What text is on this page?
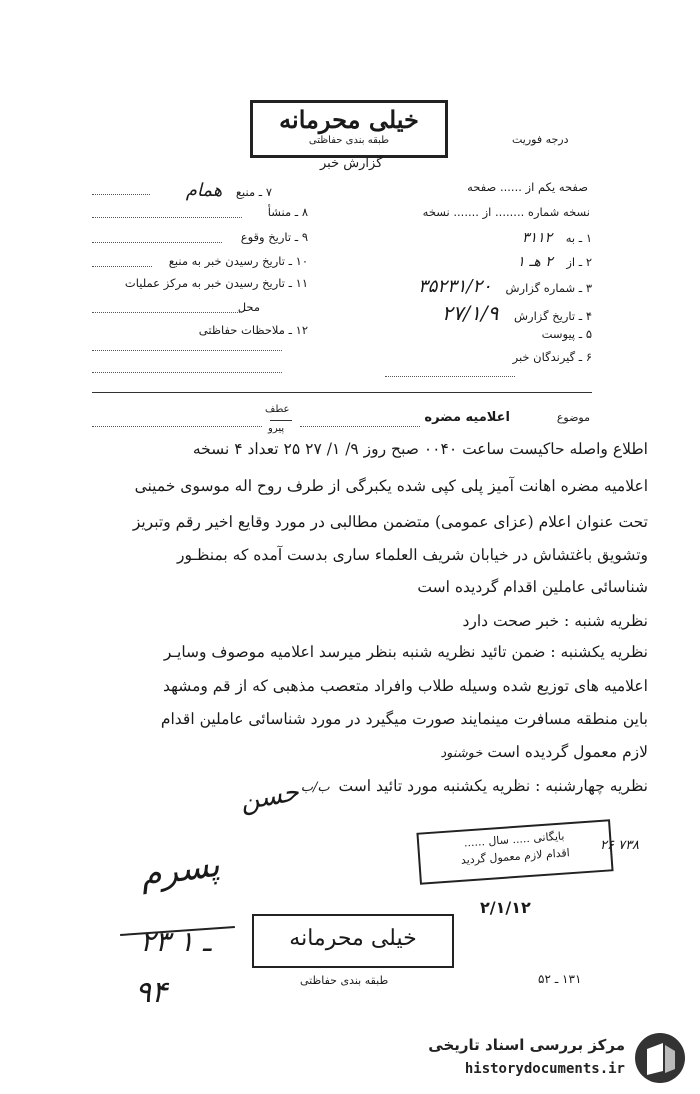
خیلی محرمانه
طبقه بندی حفاظتی	درجه فوریت
گزارش خبر
صفحه یکم از ...... صفحه
نسخه شماره ........ از ....... نسخه
۱ ـ به ۳۱۱۲
۲ ـ از ۲ هـ ۱
۳ ـ شماره گزارش ۳۵۲۳۱/۲۰
۴ ـ تاریخ گزارش ۲۷/۱/۹
۵ ـ پیوست
۶ ـ گیرندگان خبر
۷ ـ منبع همام
۸ ـ منشأ
۹ ـ تاریخ وقوع
۱۰ ـ تاریخ رسیدن خبر به منبع
۱۱ ـ تاریخ رسیدن خبر به مرکز عملیات
محل
۱۲ ـ ملاحظات حفاظتی
موضوع
اعلامیه مضره
عطف
پیرو
اطلاع واصله حاکیست ساعت ۰۰۴۰ صبح روز ۹/ ۱/ ۲۷ ۲۵ تعداد ۴ نسخه
اعلامیه مضره اهانت آمیز پلی کپی شده یکبرگی از طرف روح اله موسوی خمینی
تحت عنوان اعلام (عزای عمومی) متضمن مطالبی در مورد وقایع اخیر رقم وتبریز
وتشویق باغتشاش در خیابان شریف العلماء ساری بدست آمده که بمنظـور
شناسائی عاملین اقدام گردیده است
نظریه شنبه : خبر صحت دارد
نظریه یکشنبه : ضمن تائید نظریه شنبه بنظر میرسد اعلامیه موصوف وسایـر
اعلامیه های توزیع شده وسیله طلاب وافراد متعصب مذهبی که از قم ومشهد
باین منطقه مسافرت مینمایند صورت میگیرد در مورد شناسائی عاملین اقدام
لازم معمول گردیده است خوشنود
نظریه چهارشنبه : نظریه یکشنبه مورد تائید است ب/ب
حسن
بایگانی ..... سال ......
اقدام لازم معمول گردید
۲۶ ۷۳۸
۲/۱/۱۲
پسرم
۲۳ ـ ۱
۹۴
خیلی محرمانه
طبقه بندی حفاظتی	۱۳۱ ـ ۵۲
مرکز بررسی اسناد تاریخی
historydocuments.ir
